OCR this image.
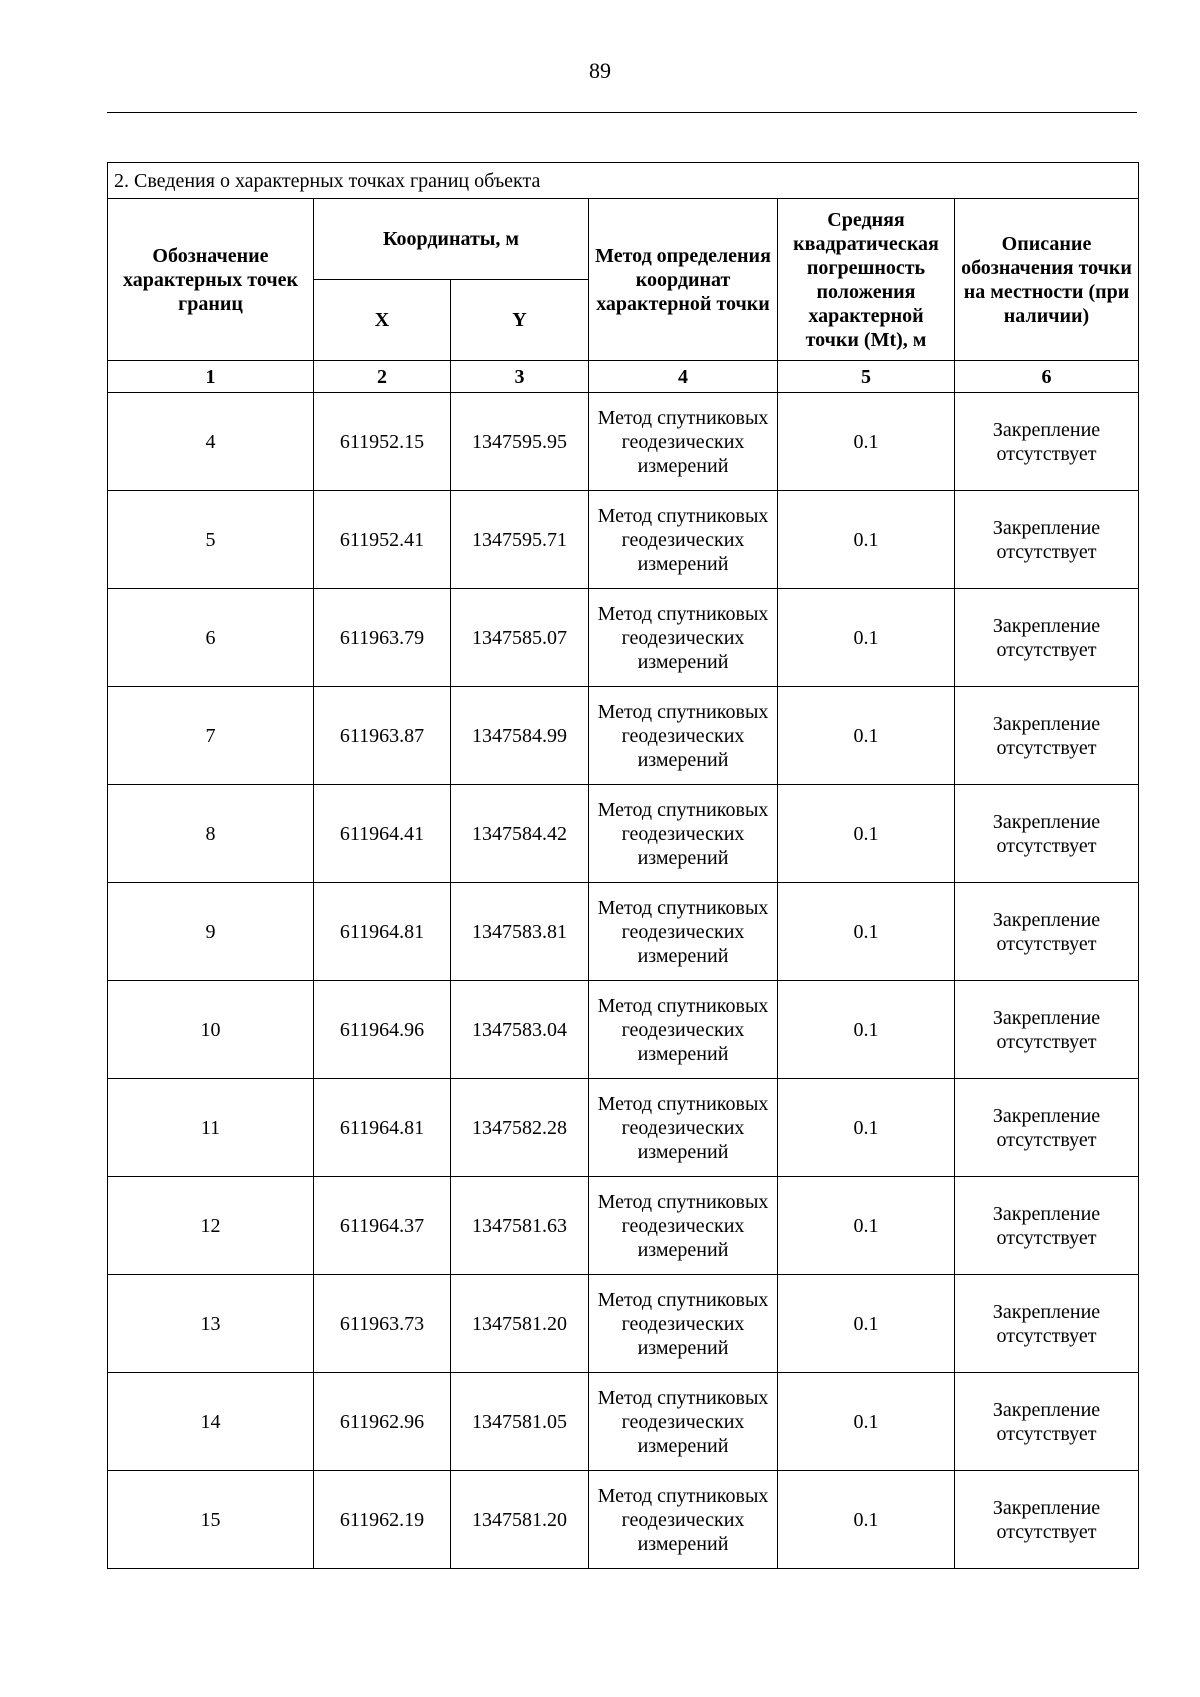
89
2. Сведения о характерных точках границ объекта					
Обозначение характерных точек границ	Координаты, м		Метод определения координат характерной точки	Средняя квадратическая погрешность положения характерной точки (Mt), м	Описание обозначения точки на местности (при наличии)
	X	Y			
1	2	3	4	5	6
4	611952.15	1347595.95	Метод спутниковых геодезических измерений	0.1	Закрепление отсутствует
5	611952.41	1347595.71	Метод спутниковых геодезических измерений	0.1	Закрепление отсутствует
6	611963.79	1347585.07	Метод спутниковых геодезических измерений	0.1	Закрепление отсутствует
7	611963.87	1347584.99	Метод спутниковых геодезических измерений	0.1	Закрепление отсутствует
8	611964.41	1347584.42	Метод спутниковых геодезических измерений	0.1	Закрепление отсутствует
9	611964.81	1347583.81	Метод спутниковых геодезических измерений	0.1	Закрепление отсутствует
10	611964.96	1347583.04	Метод спутниковых геодезических измерений	0.1	Закрепление отсутствует
11	611964.81	1347582.28	Метод спутниковых геодезических измерений	0.1	Закрепление отсутствует
12	611964.37	1347581.63	Метод спутниковых геодезических измерений	0.1	Закрепление отсутствует
13	611963.73	1347581.20	Метод спутниковых геодезических измерений	0.1	Закрепление отсутствует
14	611962.96	1347581.05	Метод спутниковых геодезических измерений	0.1	Закрепление отсутствует
15	611962.19	1347581.20	Метод спутниковых геодезических измерений	0.1	Закрепление отсутствует
